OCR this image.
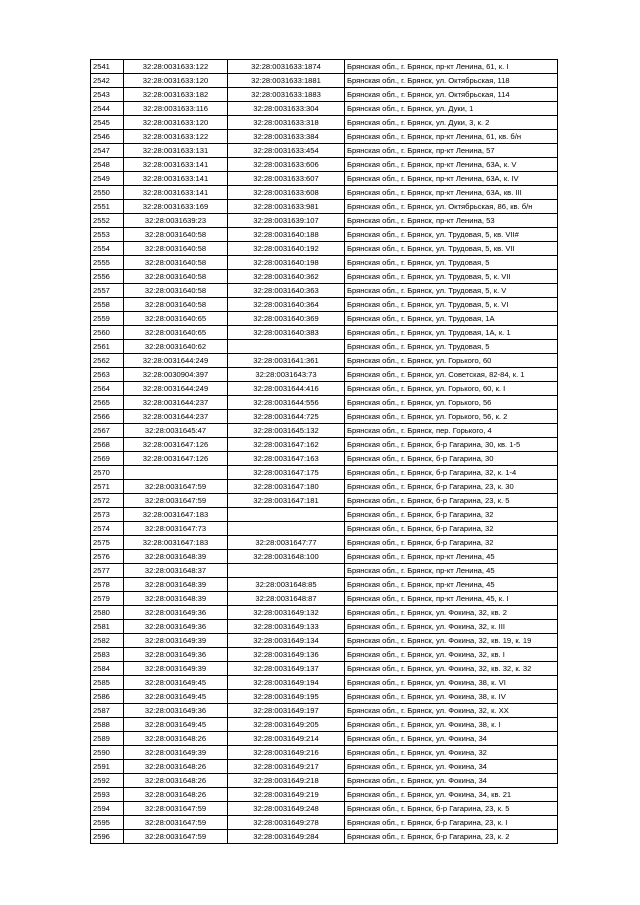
2541	32:28:0031633:122	32:28:0031633:1874	Брянская обл., г. Брянск, пр-кт Ленина, 61, к. I
2542	32:28:0031633:120	32:28:0031633:1881	Брянская обл., г. Брянск, ул. Октябрьская, 118
2543	32:28:0031633:182	32:28:0031633:1883	Брянская обл., г. Брянск, ул. Октябрьская, 114
2544	32:28:0031633:116	32:28:0031633:304	Брянская обл., г. Брянск, ул. Дуки, 1
2545	32:28:0031633:120	32:28:0031633:318	Брянская обл., г. Брянск, ул. Дуки, 3, к. 2
2546	32:28:0031633:122	32:28:0031633:384	Брянская обл., г. Брянск, пр-кт Ленина, 61, кв. б/н
2547	32:28:0031633:131	32:28:0031633:454	Брянская обл., г. Брянск, пр-кт Ленина, 57
2548	32:28:0031633:141	32:28:0031633:606	Брянская обл., г. Брянск, пр-кт Ленина, 63А, к. V
2549	32:28:0031633:141	32:28:0031633:607	Брянская обл., г. Брянск, пр-кт Ленина, 63А, к. IV
2550	32:28:0031633:141	32:28:0031633:608	Брянская обл., г. Брянск, пр-кт Ленина, 63А, кв. III
2551	32:28:0031633:169	32:28:0031633:981	Брянская обл., г. Брянск, ул. Октябрьская, 86, кв. б/н
2552	32:28:0031639:23	32:28:0031639:107	Брянская обл., г. Брянск, пр-кт Ленина, 53
2553	32:28:0031640:58	32:28:0031640:188	Брянская обл., г. Брянск, ул. Трудовая, 5, кв. VII#
2554	32:28:0031640:58	32:28:0031640:192	Брянская обл., г. Брянск, ул. Трудовая, 5, кв. VII
2555	32:28:0031640:58	32:28:0031640:198	Брянская обл., г. Брянск, ул. Трудовая, 5
2556	32:28:0031640:58	32:28:0031640:362	Брянская обл., г. Брянск, ул. Трудовая, 5, к. VII
2557	32:28:0031640:58	32:28:0031640:363	Брянская обл., г. Брянск, ул. Трудовая, 5, к. V
2558	32:28:0031640:58	32:28:0031640:364	Брянская обл., г. Брянск, ул. Трудовая, 5, к. VI
2559	32:28:0031640:65	32:28:0031640:369	Брянская обл., г. Брянск, ул. Трудовая, 1А
2560	32:28:0031640:65	32:28:0031640:383	Брянская обл., г. Брянск, ул. Трудовая, 1А, к. 1
2561	32:28:0031640:62		Брянская обл., г. Брянск, ул. Трудовая, 5
2562	32:28:0031644:249	32:28:0031641:361	Брянская обл., г. Брянск, ул. Горького, 60
2563	32:28:0030904:397	32:28:0031643:73	Брянская обл., г. Брянск, ул. Советская, 82-84, к. 1
2564	32:28:0031644:249	32:28:0031644:416	Брянская обл., г. Брянск, ул. Горького, 60, к. I
2565	32:28:0031644:237	32:28:0031644:556	Брянская обл., г. Брянск, ул. Горького, 56
2566	32:28:0031644:237	32:28:0031644:725	Брянская обл., г. Брянск, ул. Горького, 56, к. 2
2567	32:28:0031645:47	32:28:0031645:132	Брянская обл., г. Брянск, пер. Горького, 4
2568	32:28:0031647:126	32:28:0031647:162	Брянская обл., г. Брянск, б-р Гагарина, 30, кв. 1-5
2569	32:28:0031647:126	32:28:0031647:163	Брянская обл., г. Брянск, б-р Гагарина, 30
2570		32:28:0031647:175	Брянская обл., г. Брянск, б-р Гагарина, 32, к. 1-4
2571	32:28:0031647:59	32:28:0031647:180	Брянская обл., г. Брянск, б-р Гагарина, 23, к. 30
2572	32:28:0031647:59	32:28:0031647:181	Брянская обл., г. Брянск, б-р Гагарина, 23, к. 5
2573	32:28:0031647:183		Брянская обл., г. Брянск, б-р Гагарина, 32
2574	32:28:0031647:73		Брянская обл., г. Брянск, б-р Гагарина, 32
2575	32:28:0031647:183	32:28:0031647:77	Брянская обл., г. Брянск, б-р Гагарина, 32
2576	32:28:0031648:39	32:28:0031648:100	Брянская обл., г. Брянск, пр-кт Ленина, 45
2577	32:28:0031648:37		Брянская обл., г. Брянск, пр-кт Ленина, 45
2578	32:28:0031648:39	32:28:0031648:85	Брянская обл., г. Брянск, пр-кт Ленина, 45
2579	32:28:0031648:39	32:28:0031648:87	Брянская обл., г. Брянск, пр-кт Ленина, 45, к. I
2580	32:28:0031649:36	32:28:0031649:132	Брянская обл., г. Брянск, ул. Фокина, 32, кв. 2
2581	32:28:0031649:36	32:28:0031649:133	Брянская обл., г. Брянск, ул. Фокина, 32, к. III
2582	32:28:0031649:39	32:28:0031649:134	Брянская обл., г. Брянск, ул. Фокина, 32, кв. 19, к. 19
2583	32:28:0031649:36	32:28:0031649:136	Брянская обл., г. Брянск, ул. Фокина, 32, кв. I
2584	32:28:0031649:39	32:28:0031649:137	Брянская обл., г. Брянск, ул. Фокина, 32, кв. 32, к. 32
2585	32:28:0031649:45	32:28:0031649:194	Брянская обл., г. Брянск, ул. Фокина, 38, к. VI
2586	32:28:0031649:45	32:28:0031649:195	Брянская обл., г. Брянск, ул. Фокина, 38, к. IV
2587	32:28:0031649:36	32:28:0031649:197	Брянская обл., г. Брянск, ул. Фокина, 32, к. XX
2588	32:28:0031649:45	32:28:0031649:205	Брянская обл., г. Брянск, ул. Фокина, 38, к. I
2589	32:28:0031648:26	32:28:0031649:214	Брянская обл., г. Брянск, ул. Фокина, 34
2590	32:28:0031649:39	32:28:0031649:216	Брянская обл., г. Брянск, ул. Фокина, 32
2591	32:28:0031648:26	32:28:0031649:217	Брянская обл., г. Брянск, ул. Фокина, 34
2592	32:28:0031648:26	32:28:0031649:218	Брянская обл., г. Брянск, ул. Фокина, 34
2593	32:28:0031648:26	32:28:0031649:219	Брянская обл., г. Брянск, ул. Фокина, 34, кв. 21
2594	32:28:0031647:59	32:28:0031649:248	Брянская обл., г. Брянск, б-р Гагарина, 23, к. 5
2595	32:28:0031647:59	32:28:0031649:278	Брянская обл., г. Брянск, б-р Гагарина, 23, к. I
2596	32:28:0031647:59	32:28:0031649:284	Брянская обл., г. Брянск, б-р Гагарина, 23, к. 2
